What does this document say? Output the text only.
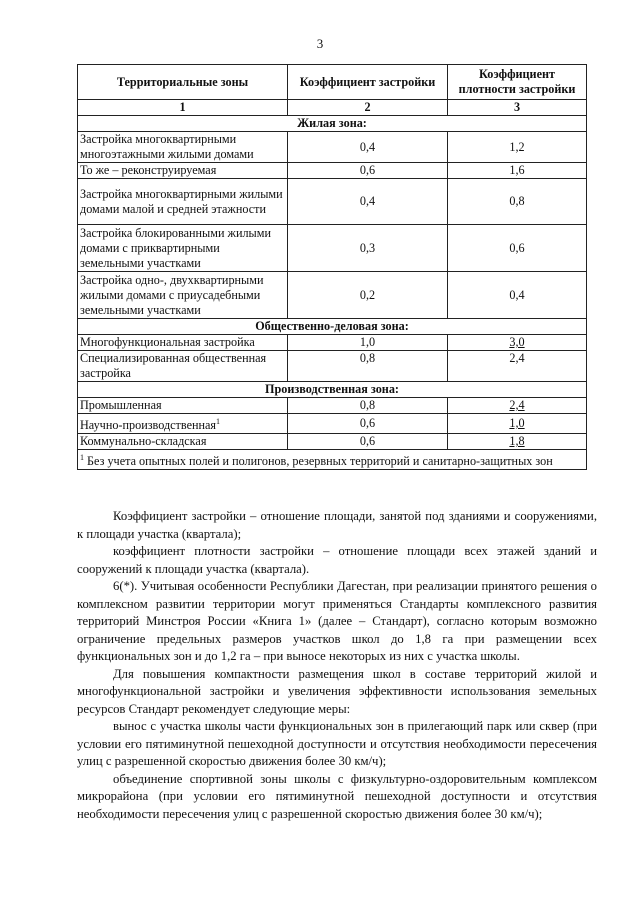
3
Территориальные зоны	Коэффициент застройки	Коэффициент плотности застройки
1	2	3
Жилая зона:		
Застройка многоквартирными многоэтажными жилыми домами	0,4	1,2
То же – реконструируемая	0,6	1,6
Застройка многоквартирными жилыми домами малой и средней этажности	0,4	0,8
Застройка блокированными жилыми домами с приквартирными земельными участками	0,3	0,6
Застройка одно-, двухквартирными жилыми домами с приусадебными земельными участками	0,2	0,4
Общественно-деловая зона:		
Многофункциональная застройка	1,0	3,0
Специализированная общественная застройка	0,8	2,4
Производственная зона:		
Промышленная	0,8	2,4
Научно-производственная$^1$	0,6	1,0
Коммунально-складская	0,6	1,8
$^1$ Без учета опытных полей и полигонов, резервных территорий и санитарно-защитных зон		

Коэффициент застройки – отношение площади, занятой под зданиями и сооружениями, к площади участка (квартала);

коэффициент плотности застройки – отношение площади всех этажей зданий и сооружений к площади участка (квартала).

6(*). Учитывая особенности Республики Дагестан, при реализации принятого решения о комплексном развитии территории могут применяться Стандарты комплексного развития территорий Минстроя России «Книга 1» (далее – Стандарт), согласно которым возможно ограничение предельных размеров участков школ до 1,8 га при размещении всех функциональных зон и до 1,2 га – при выносе некоторых из них с участка школы.

Для повышения компактности размещения школ в составе территорий жилой и многофункциональной застройки и увеличения эффективности использования земельных ресурсов Стандарт рекомендует следующие меры:

вынос с участка школы части функциональных зон в прилегающий парк или сквер (при условии его пятиминутной пешеходной доступности и отсутствия необходимости пересечения улиц с разрешенной скоростью движения более 30 км/ч);

объединение спортивной зоны школы с физкультурно-оздоровительным комплексом микрорайона (при условии его пятиминутной пешеходной доступности и отсутствия необходимости пересечения улиц с разрешенной скоростью движения более 30 км/ч);
